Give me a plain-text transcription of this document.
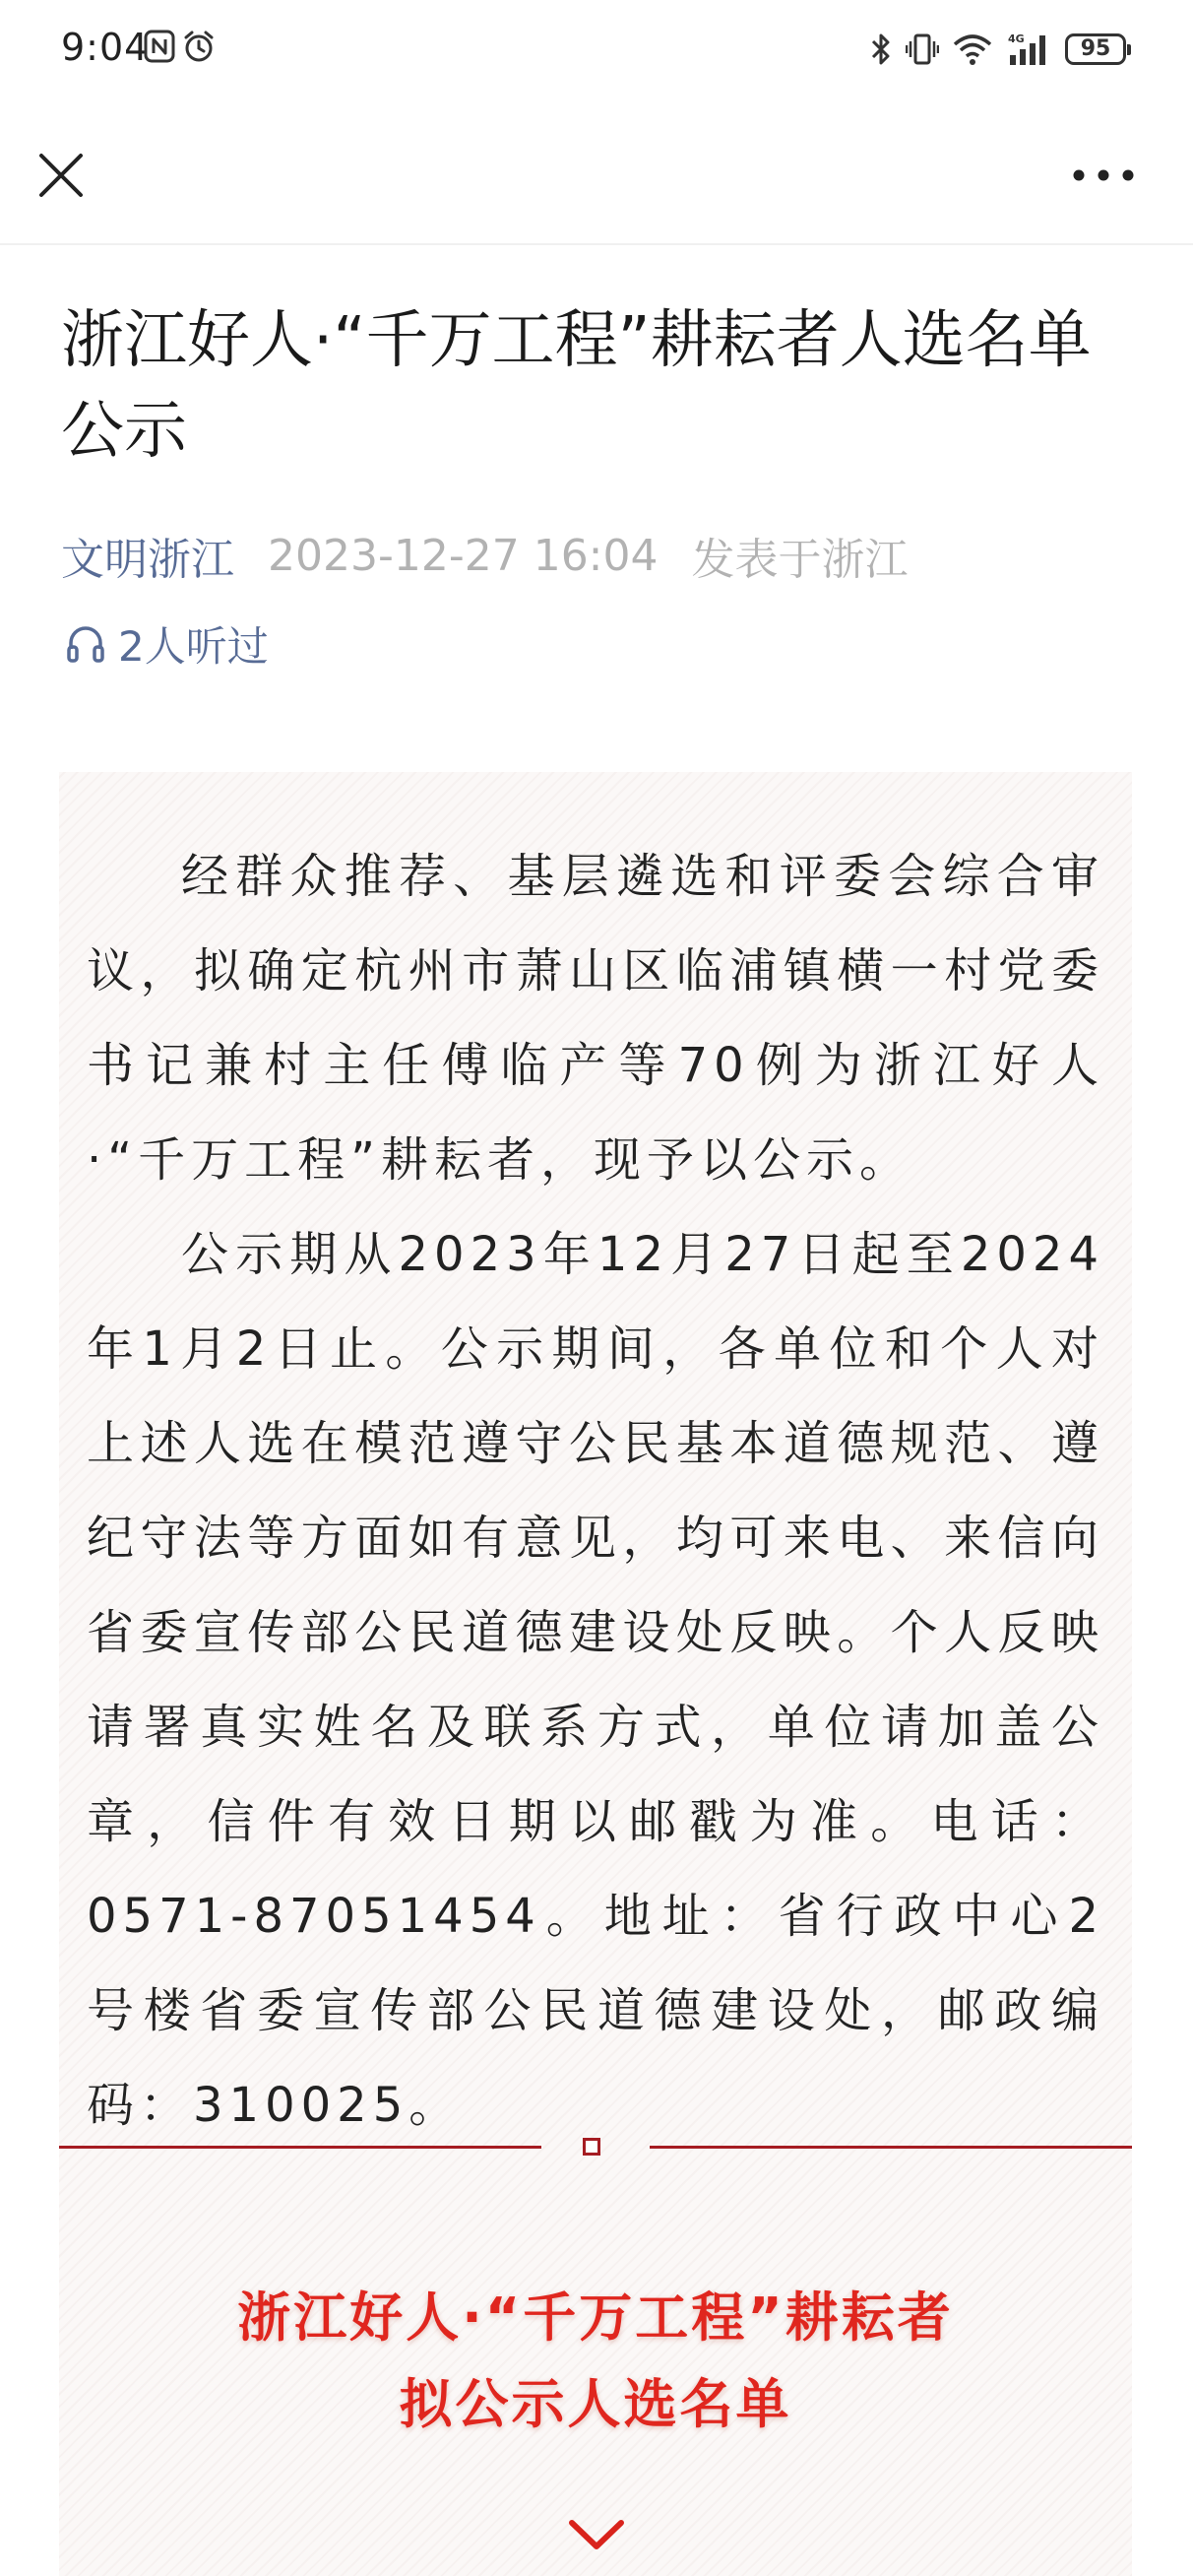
9:04	4G	95
浙江好人·“千万工程”耕耘者人选名单公示
文明浙江 2023-12-27 16:04 发表于浙江
2人听过

经群众推荐、基层遴选和评委会综合审议，拟确定杭州市萧山区临浦镇横一村党委书记兼村主任傅临产等70例为浙江好人·“千万工程”耕耘者，现予以公示。

公示期从2023年12月27日起至2024年1月2日止。公示期间，各单位和个人对上述人选在模范遵守公民基本道德规范、遵纪守法等方面如有意见，均可来电、来信向省委宣传部公民道德建设处反映。个人反映请署真实姓名及联系方式，单位请加盖公章，信件有效日期以邮戳为准。电话：0571-87051454。地址：省行政中心2号楼省委宣传部公民道德建设处，邮政编码：310025。

浙江好人·“千万工程”耕耘者
拟公示人选名单
